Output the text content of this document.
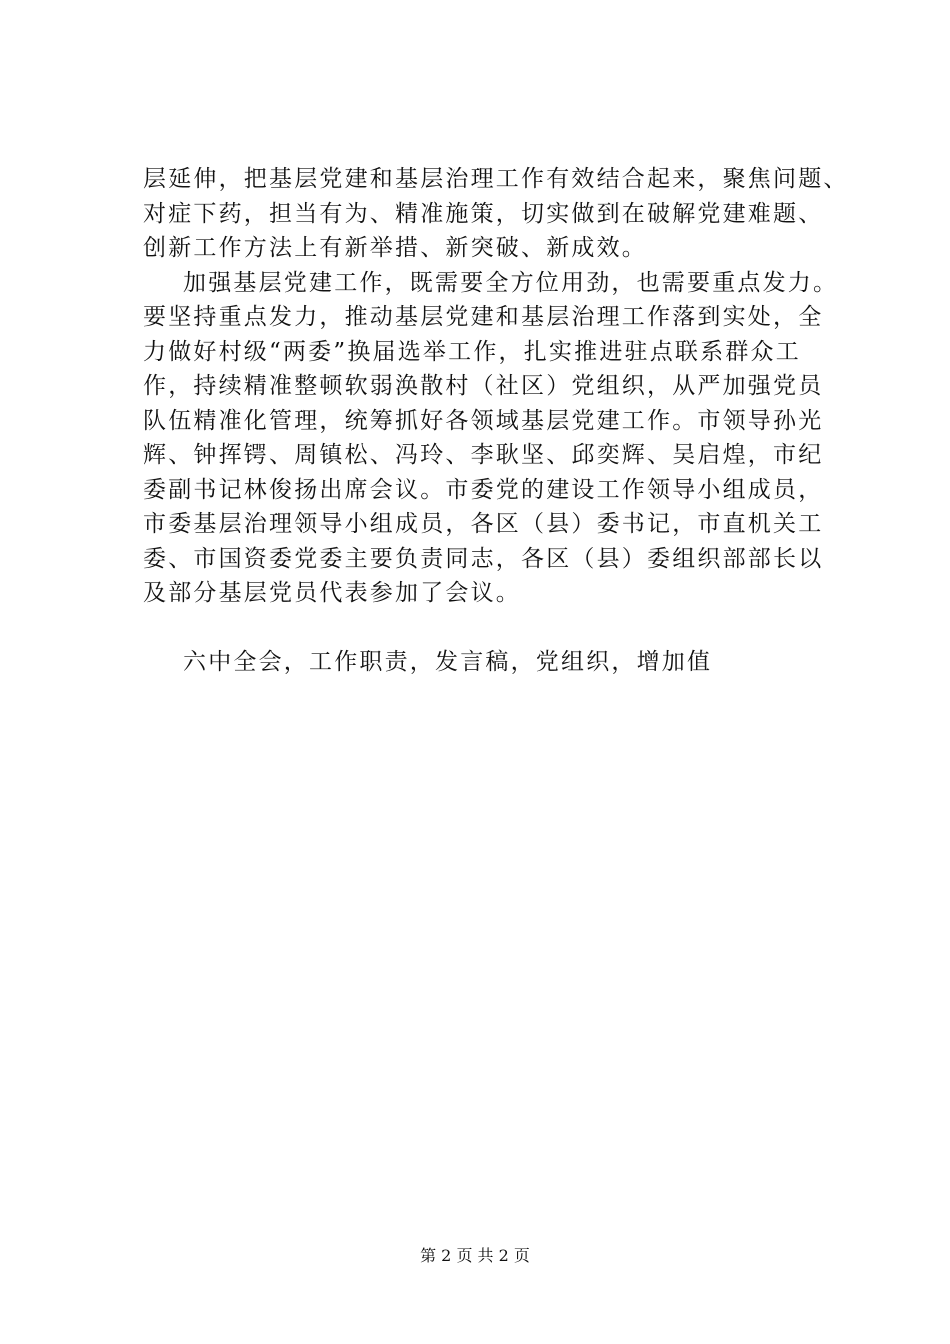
层延伸，把基层党建和基层治理工作有效结合起来，聚焦问题、
对症下药，担当有为、精准施策，切实做到在破解党建难题、
创新工作方法上有新举措、新突破、新成效。
加强基层党建工作，既需要全方位用劲，也需要重点发力。
要坚持重点发力，推动基层党建和基层治理工作落到实处，全
力做好村级“两委”换届选举工作，扎实推进驻点联系群众工
作，持续精准整顿软弱涣散村（社区）党组织，从严加强党员
队伍精准化管理，统筹抓好各领域基层党建工作。市领导孙光
辉、钟挥锷、周镇松、冯玲、李耿坚、邱奕辉、吴启煌，市纪
委副书记林俊扬出席会议。市委党的建设工作领导小组成员，
市委基层治理领导小组成员，各区（县）委书记，市直机关工
委、市国资委党委主要负责同志，各区（县）委组织部部长以
及部分基层党员代表参加了会议。
六中全会，工作职责，发言稿，党组织，增加值
第 2 页 共 2 页
